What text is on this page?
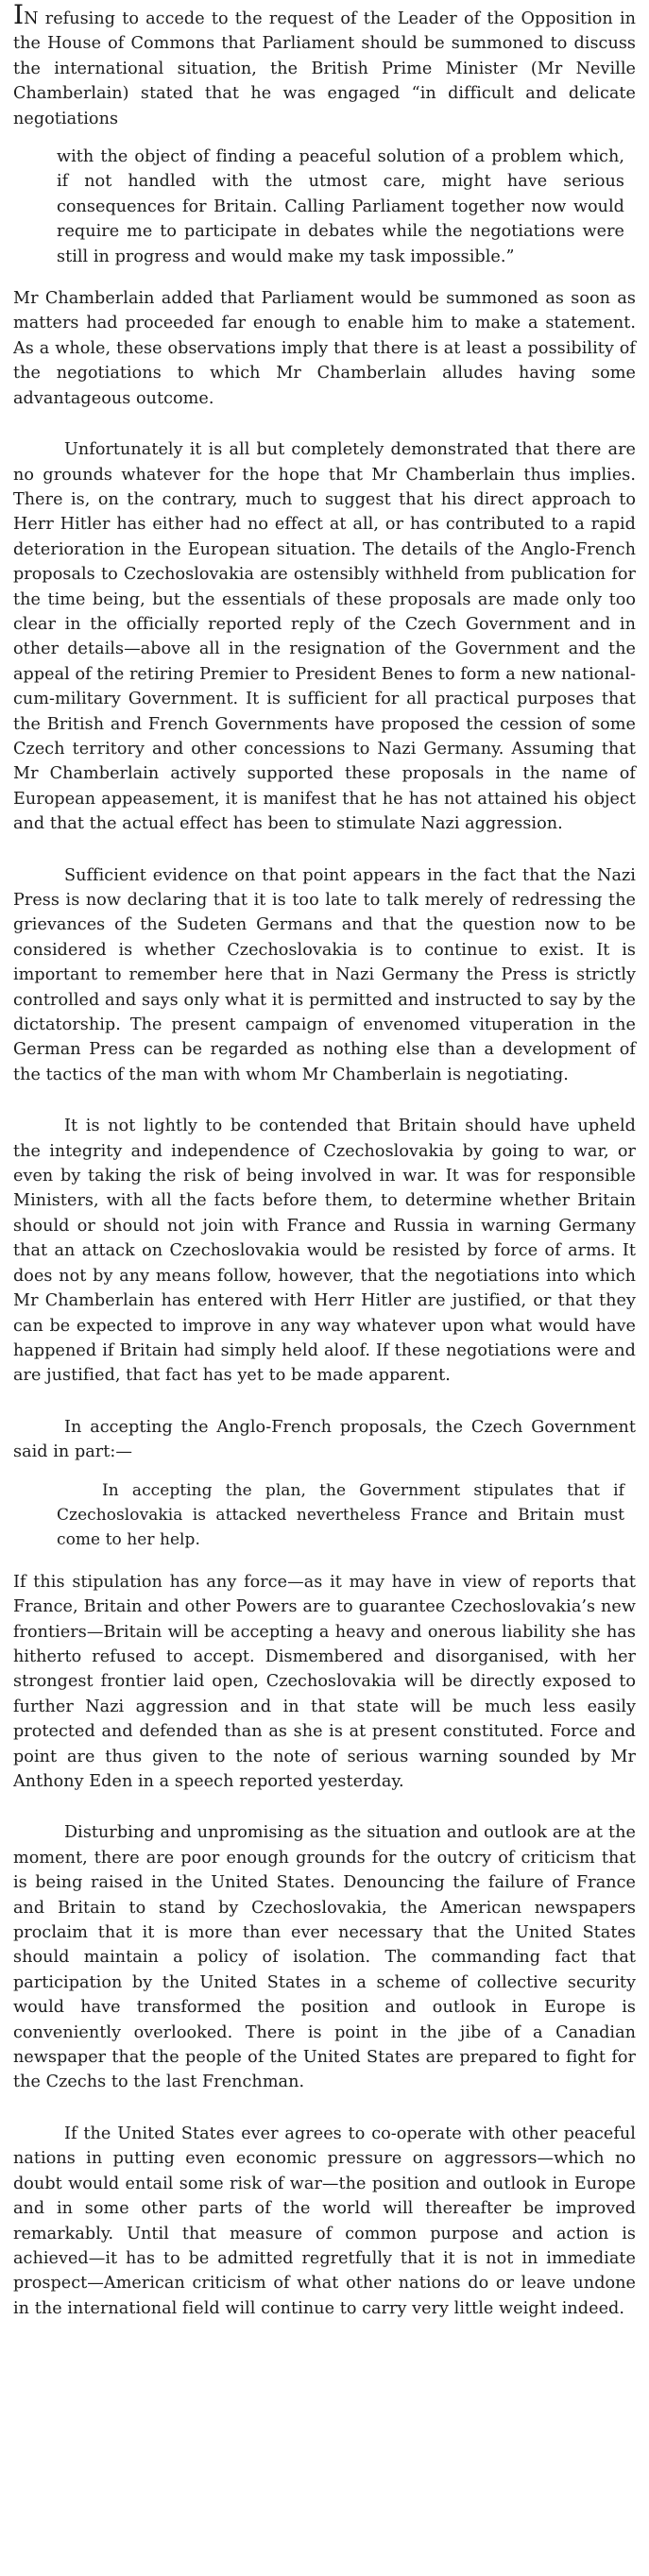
IN refusing to accede to the request of the Leader of the Opposition in the House of Commons that Parliament should be summoned to discuss the international situation, the British Prime Minister (Mr Neville Chamberlain) stated that he was engaged “in difficult and delicate negotiations

with the object of finding a peaceful solution of a problem which, if not handled with the utmost care, might have serious consequences for Britain. Calling Parliament together now would require me to participate in debates while the negotiations were still in progress and would make my task impossible.”

Mr Chamberlain added that Parliament would be summoned as soon as matters had proceeded far enough to enable him to make a statement. As a whole, these observations imply that there is at least a possibility of the negotiations to which Mr Chamberlain alludes having some advantageous outcome.

Unfortunately it is all but completely demonstrated that there are no grounds whatever for the hope that Mr Chamberlain thus implies. There is, on the contrary, much to suggest that his direct approach to Herr Hitler has either had no effect at all, or has contributed to a rapid deterioration in the European situation. The details of the Anglo-French proposals to Czechoslovakia are ostensibly withheld from publication for the time being, but the essentials of these proposals are made only too clear in the officially reported reply of the Czech Government and in other details—above all in the resignation of the Government and the appeal of the retiring Premier to President Benes to form a new national-cum-military Government. It is sufficient for all practical purposes that the British and French Governments have proposed the cession of some Czech territory and other concessions to Nazi Germany. Assuming that Mr Chamberlain actively supported these proposals in the name of European appeasement, it is manifest that he has not attained his object and that the actual effect has been to stimulate Nazi aggression.

Sufficient evidence on that point appears in the fact that the Nazi Press is now declaring that it is too late to talk merely of redressing the grievances of the Sudeten Germans and that the question now to be considered is whether Czechoslovakia is to continue to exist. It is important to remember here that in Nazi Germany the Press is strictly controlled and says only what it is permitted and instructed to say by the dictatorship. The present campaign of envenomed vituperation in the German Press can be regarded as nothing else than a development of the tactics of the man with whom Mr Chamberlain is negotiating.

It is not lightly to be contended that Britain should have upheld the integrity and independence of Czechoslovakia by going to war, or even by taking the risk of being involved in war. It was for responsible Ministers, with all the facts before them, to determine whether Britain should or should not join with France and Russia in warning Germany that an attack on Czechoslovakia would be resisted by force of arms. It does not by any means follow, however, that the negotiations into which Mr Chamberlain has entered with Herr Hitler are justified, or that they can be expected to improve in any way whatever upon what would have happened if Britain had simply held aloof. If these negotiations were and are justified, that fact has yet to be made apparent.

In accepting the Anglo-French proposals, the Czech Government said in part:—

In accepting the plan, the Government stipulates that if Czechoslovakia is attacked nevertheless France and Britain must come to her help.

If this stipulation has any force—as it may have in view of reports that France, Britain and other Powers are to guarantee Czechoslovakia’s new frontiers—Britain will be accepting a heavy and onerous liability she has hitherto refused to accept. Dismembered and disorganised, with her strongest frontier laid open, Czechoslovakia will be directly exposed to further Nazi aggression and in that state will be much less easily protected and defended than as she is at present constituted. Force and point are thus given to the note of serious warning sounded by Mr Anthony Eden in a speech reported yesterday.

Disturbing and unpromising as the situation and outlook are at the moment, there are poor enough grounds for the outcry of criticism that is being raised in the United States. Denouncing the failure of France and Britain to stand by Czechoslovakia, the American newspapers proclaim that it is more than ever necessary that the United States should maintain a policy of isolation. The commanding fact that participation by the United States in a scheme of collective security would have transformed the position and outlook in Europe is conveniently overlooked. There is point in the jibe of a Canadian newspaper that the people of the United States are prepared to fight for the Czechs to the last Frenchman.

If the United States ever agrees to co-operate with other peaceful nations in putting even economic pressure on aggressors—which no doubt would entail some risk of war—the position and outlook in Europe and in some other parts of the world will thereafter be improved remarkably. Until that measure of common purpose and action is achieved—it has to be admitted regretfully that it is not in immediate prospect—American criticism of what other nations do or leave undone in the international field will continue to carry very little weight indeed.
